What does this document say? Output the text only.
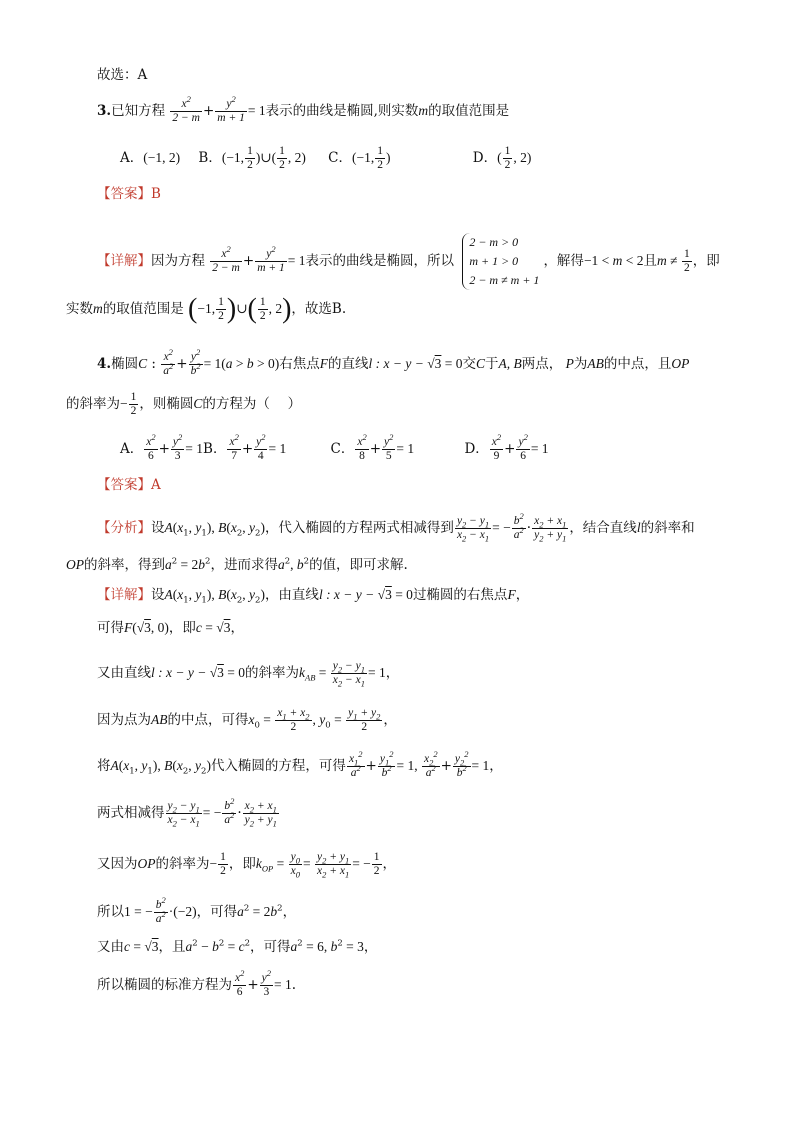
故选：A
3.已知方程 $\frac{x^2}{2 - m} + \frac{y^2}{m + 1} = 1$表示的曲线是椭圆,则实数m的取值范围是
A．(−1, 2) B．(−1, $\frac{1}{2}$ )∪( $\frac{1}{2}$ , 2) C．(−1, $\frac{1}{2}$ )	D．( $\frac{1}{2}$ , 2)
【答案】B
【详解】因为方程 $\frac{x^2}{2 - m} + \frac{y^2}{m + 1} = 1$表示的曲线是椭圆，所以 2 − m > 0
m + 1 > 0
2 − m ≠ m + 1，解得−1 < m < 2且$m \ne \frac{1}{2}$ ，即
实数m的取值范围是 (−1, $\frac{1}{2}$ )∪( $\frac{1}{2}$ , 2)，故选B.
4.椭圆C : $\frac{x^2}{a^2} + \frac{y^2}{b^2} = 1(a > b > 0)$右焦点F的直线l : x − y − √3 = 0交C于A, B两点， P为AB的中点，且OP
的斜率为− $\frac{1}{2}$ ，则椭圆C的方程为（　 ）
A． $\frac{x^2}{6} + \frac{y^2}{3} = 1B$． $\frac{x^2}{7} + \frac{y^2}{4} = 1$	C． $\frac{x^2}{8} + \frac{y^2}{5} = 1$	D． $\frac{x^2}{9} + \frac{y^2}{6} = 1$
【答案】A
【分析】设$A(x_1$, $y_1$), $B(x_2$, $y_2$)，代入椭圆的方程两式相减得到 $\frac{y_2 - y_1}{x_2 - x_1}$ = − $\frac{b^2}{a^2} \cdot \frac{x_2 + x_1}{y_2 + y_1}$ ，结合直线l的斜率和
OP的斜率，得到$a^2 = 2b^2$，进而求得$a^2$, $b^2$的值，即可求解.
【详解】设$A(x_1$, $y_1$), $B(x_2$, $y_2$)，由直线l : x − y − √3 = 0过椭圆的右焦点F，
可得F(√3, 0)，即c = √3，
又由直线l : x − y − √3 = 0的斜率为$k_{AB} = \frac{y_2 - y_1}{x_2 - x_1} = 1$，
因为点为AB的中点，可得$x_0 = \frac{x_1 + x_2}{2}$ , $y_0 = \frac{y_1 + y_2}{2}$ ，
将$A(x_1$, $y_1$), $B(x_2$, $y_2$)代入椭圆的方程，可得 $\frac{x_1^2}{a^2} + \frac{y_1^2}{b^2} = 1$, $\frac{x_2^2}{a^2} + \frac{y_2^2}{b^2} = 1$，
两式相减得 $\frac{y_2 - y_1}{x_2 - x_1}$ = − $\frac{b^2}{a^2} \cdot \frac{x_2 + x_1}{y_2 + y_1}$
又因为OP的斜率为− $\frac{1}{2}$ ，即$k_{OP} = \frac{y_0}{x_0} = \frac{y_2 + y_1}{x_2 + x_1}$ = − $\frac{1}{2}$ ，
所以1 = − $\frac{b^2}{a^2} \cdot(-2)$，可得$a^2 = 2b^2$，
又由c = √3，且$a^2 - b^2 = c^2$，可得$a^2 = 6$, $b^2 = 3$，
所以椭圆的标准方程为 $\frac{x^2}{6} + \frac{y^2}{3} = 1$.
